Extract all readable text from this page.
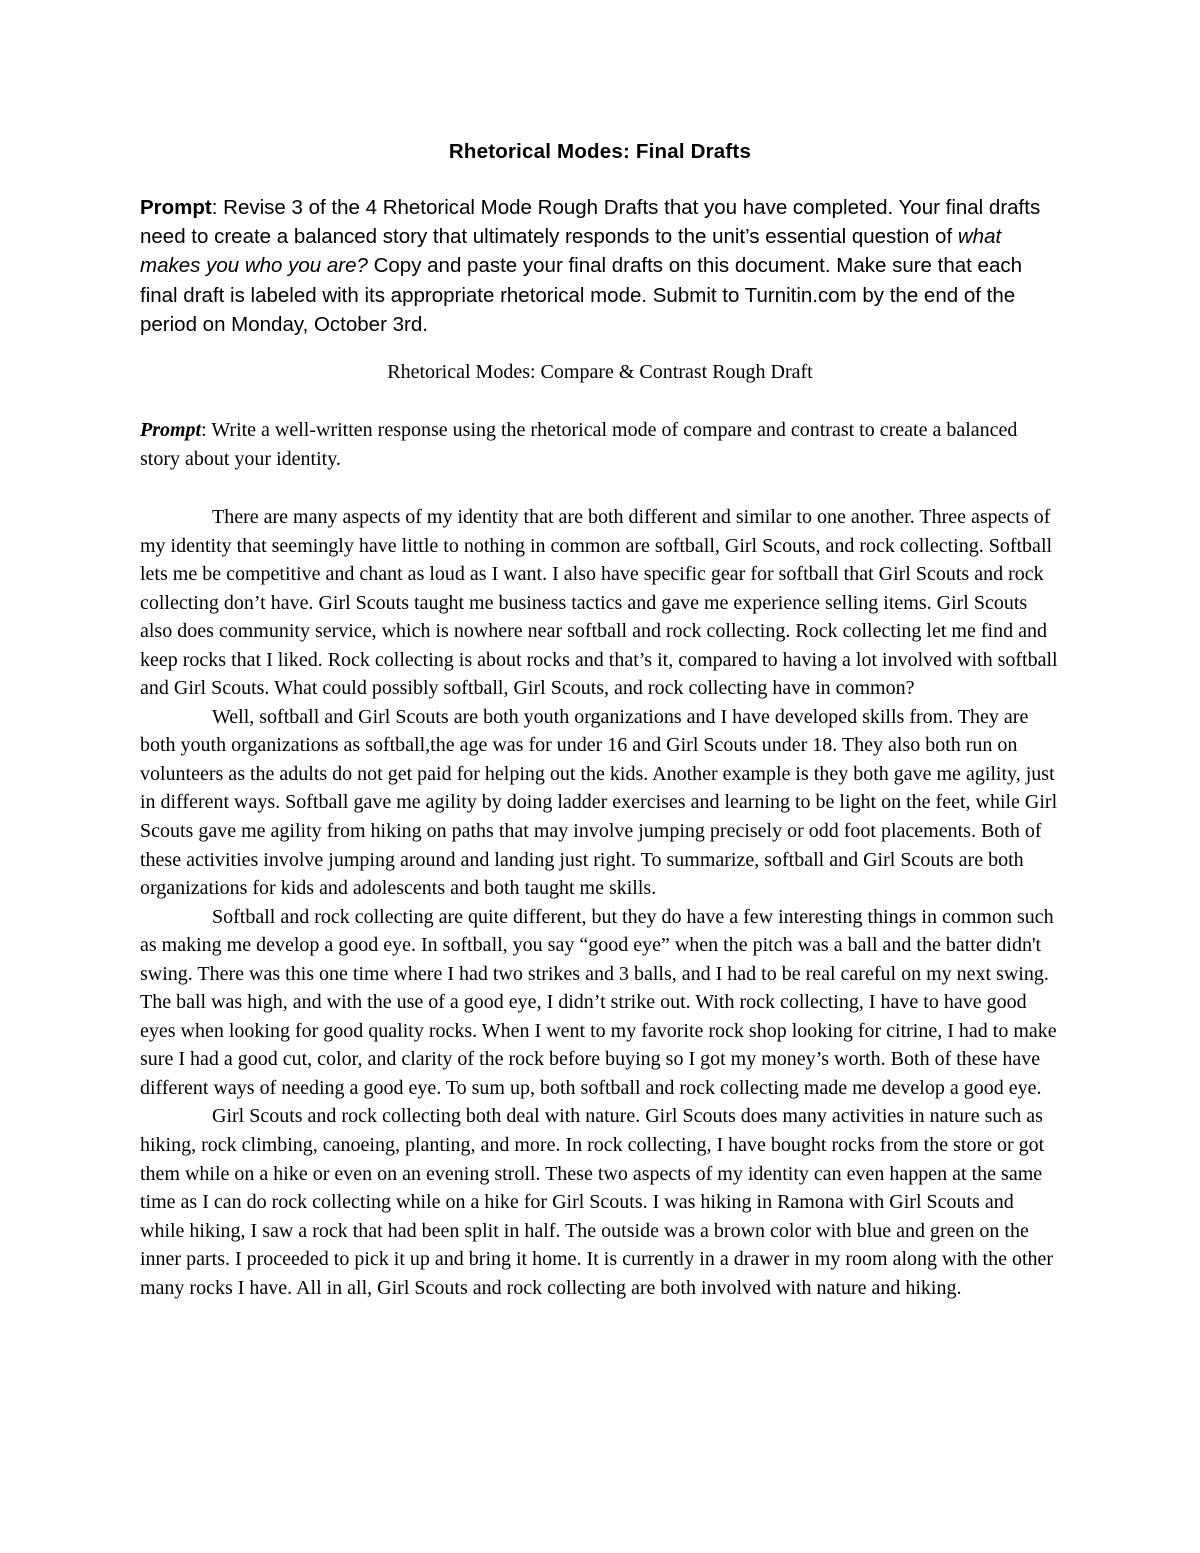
Rhetorical Modes: Final Drafts
Prompt: Revise 3 of the 4 Rhetorical Mode Rough Drafts that you have completed. Your final drafts need to create a balanced story that ultimately responds to the unit’s essential question of what makes you who you are? Copy and paste your final drafts on this document. Make sure that each final draft is labeled with its appropriate rhetorical mode. Submit to Turnitin.com by the end of the period on Monday, October 3rd.
Rhetorical Modes: Compare & Contrast Rough Draft
Prompt: Write a well-written response using the rhetorical mode of compare and contrast to create a balanced story about your identity.

There are many aspects of my identity that are both different and similar to one another. Three aspects of my identity that seemingly have little to nothing in common are softball, Girl Scouts, and rock collecting. Softball lets me be competitive and chant as loud as I want. I also have specific gear for softball that Girl Scouts and rock collecting don’t have. Girl Scouts taught me business tactics and gave me experience selling items. Girl Scouts also does community service, which is nowhere near softball and rock collecting. Rock collecting let me find and keep rocks that I liked. Rock collecting is about rocks and that’s it, compared to having a lot involved with softball and Girl Scouts. What could possibly softball, Girl Scouts, and rock collecting have in common?

Well, softball and Girl Scouts are both youth organizations and I have developed skills from. They are both youth organizations as softball,the age was for under 16 and Girl Scouts under 18. They also both run on volunteers as the adults do not get paid for helping out the kids. Another example is they both gave me agility, just in different ways. Softball gave me agility by doing ladder exercises and learning to be light on the feet, while Girl Scouts gave me agility from hiking on paths that may involve jumping precisely or odd foot placements. Both of these activities involve jumping around and landing just right. To summarize, softball and Girl Scouts are both organizations for kids and adolescents and both taught me skills.

Softball and rock collecting are quite different, but they do have a few interesting things in common such as making me develop a good eye. In softball, you say “good eye” when the pitch was a ball and the batter didn't swing. There was this one time where I had two strikes and 3 balls, and I had to be real careful on my next swing. The ball was high, and with the use of a good eye, I didn’t strike out. With rock collecting, I have to have good eyes when looking for good quality rocks. When I went to my favorite rock shop looking for citrine, I had to make sure I had a good cut, color, and clarity of the rock before buying so I got my money’s worth. Both of these have different ways of needing a good eye. To sum up, both softball and rock collecting made me develop a good eye.

Girl Scouts and rock collecting both deal with nature. Girl Scouts does many activities in nature such as hiking, rock climbing, canoeing, planting, and more. In rock collecting, I have bought rocks from the store or got them while on a hike or even on an evening stroll. These two aspects of my identity can even happen at the same time as I can do rock collecting while on a hike for Girl Scouts. I was hiking in Ramona with Girl Scouts and while hiking, I saw a rock that had been split in half. The outside was a brown color with blue and green on the inner parts. I proceeded to pick it up and bring it home. It is currently in a drawer in my room along with the other many rocks I have. All in all, Girl Scouts and rock collecting are both involved with nature and hiking.
